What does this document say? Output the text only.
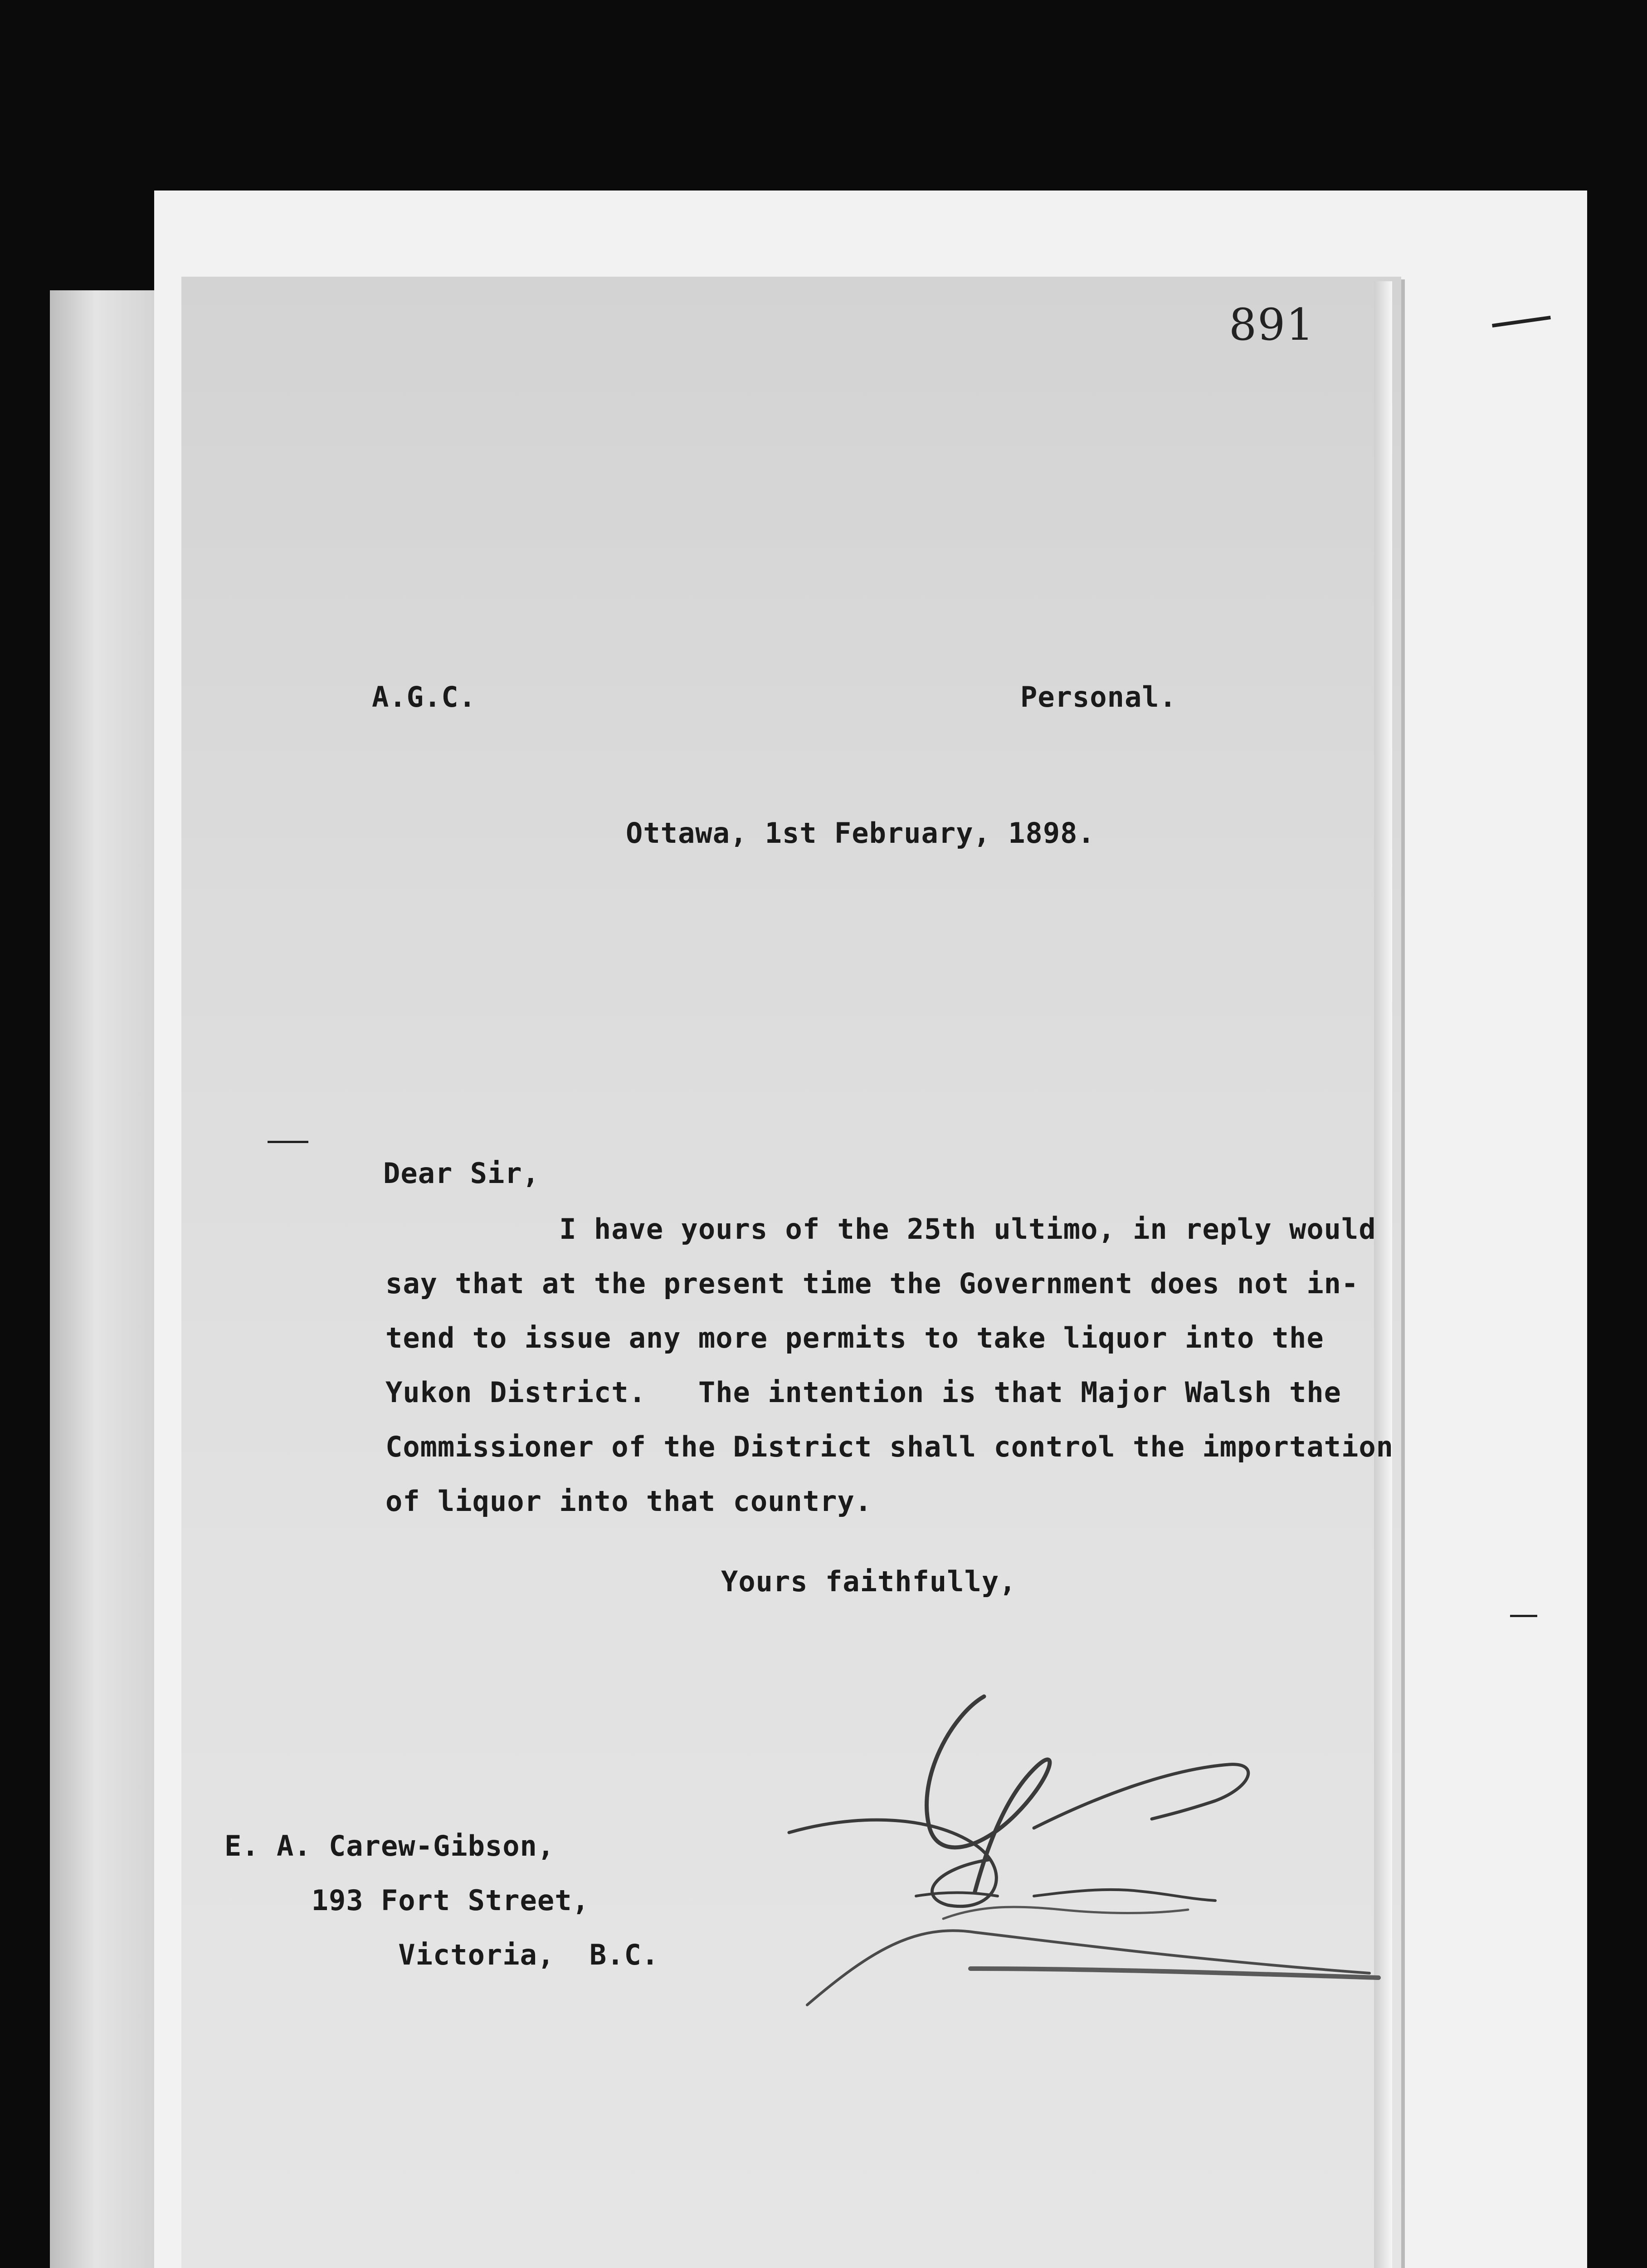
891
A.G.C.	Personal.
Ottawa, 1st February, 1898.
Dear Sir,
I have yours of the 25th ultimo, in reply would
say that at the present time the Government does not in-
tend to issue any more permits to take liquor into the
Yukon District.   The intention is that Major Walsh the
Commissioner of the District shall control the importation
of liquor into that country.
Yours faithfully,
E. A. Carew-Gibson,
193 Fort Street,
Victoria,  B.C.
